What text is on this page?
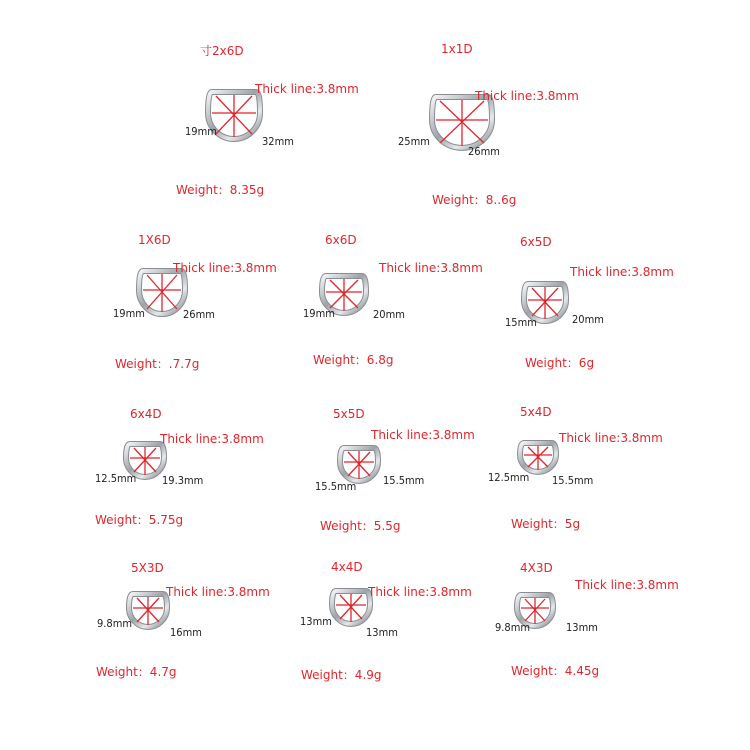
寸2x6D
Thick line:3.8mm
19mm
32mm
Weight：8.35g
1x1D
Thick line:3.8mm
25mm
26mm
Weight：8..6g
1X6D
Thick line:3.8mm
19mm	26mm
Weight：.7.7g
6x6D
Thick line:3.8mm
19mm	20mm
Weight：6.8g
6x5D
Thick line:3.8mm
15mm	20mm
Weight：6g
6x4D
Thick line:3.8mm
12.5mm 19.3mm
Weight：5.75g
5x5D
Thick line:3.8mm
15.5mm 15.5mm
Weight：5.5g
5x4D
Thick line:3.8mm
12.5mm 15.5mm
Weight：5g
5X3D
Thick line:3.8mm
9.8mm
16mm
Weight：4.7g
4x4D
Thick line:3.8mm
13mm
13mm
Weight：4.9g
4X3D
Thick line:3.8mm
9.8mm	13mm
Weight：4.45g
